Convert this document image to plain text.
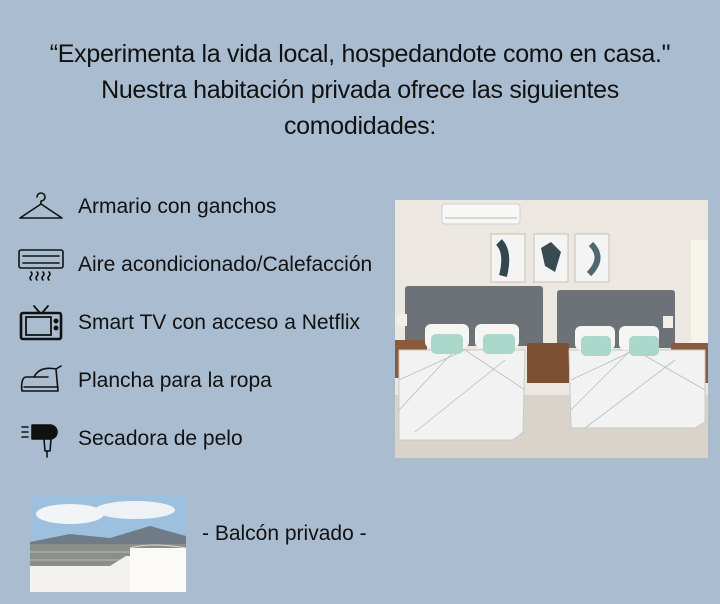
“Experimenta la vida local, hospedandote como en casa."
Nuestra habitación privada ofrece las siguientes
comodidades:
Armario con ganchos
Aire acondicionado/Calefacción
Smart TV con acceso a Netflix
Plancha para la ropa
Secadora de pelo
- Balcón privado -
